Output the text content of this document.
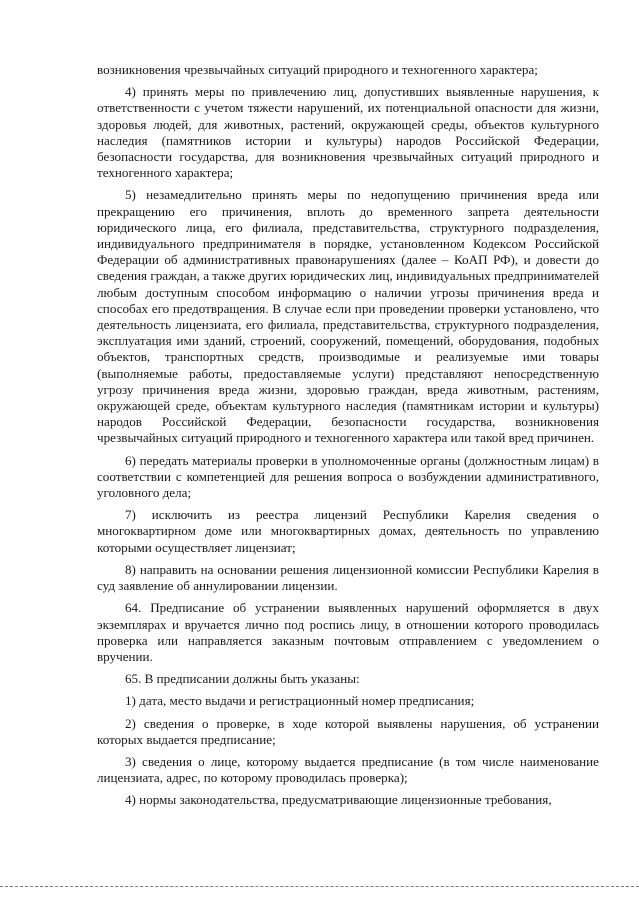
возникновения чрезвычайных ситуаций природного и техногенного характера;

4) принять меры по привлечению лиц, допустивших выявленные нарушения, к ответственности с учетом тяжести нарушений, их потенциальной опасности для жизни, здоровья людей, для животных, растений, окружающей среды, объектов культурного наследия (памятников истории и культуры) народов Российской Федерации, безопасности государства, для возникновения чрезвычайных ситуаций природного и техногенного характера;

5) незамедлительно принять меры по недопущению причинения вреда или прекращению его причинения, вплоть до временного запрета деятельности юридического лица, его филиала, представительства, структурного подразделения, индивидуального предпринимателя в порядке, установленном Кодексом Российской Федерации об административных правонарушениях (далее – КоАП РФ), и довести до сведения граждан, а также других юридических лиц, индивидуальных предпринимателей любым доступным способом информацию о наличии угрозы причинения вреда и способах его предотвращения. В случае если при проведении проверки установлено, что деятельность лицензиата, его филиала, представительства, структурного подразделения, эксплуатация ими зданий, строений, сооружений, помещений, оборудования, подобных объектов, транспортных средств, производимые и реализуемые ими товары (выполняемые работы, предоставляемые услуги) представляют непосредственную угрозу причинения вреда жизни, здоровью граждан, вреда животным, растениям, окружающей среде, объектам культурного наследия (памятникам истории и культуры) народов Российской Федерации, безопасности государства, возникновения чрезвычайных ситуаций природного и техногенного характера или такой вред причинен.

6) передать материалы проверки в уполномоченные органы (должностным лицам) в соответствии с компетенцией для решения вопроса о возбуждении административного, уголовного дела;

7) исключить из реестра лицензий Республики Карелия сведения о многоквартирном доме или многоквартирных домах, деятельность по управлению которыми осуществляет лицензиат;

8) направить на основании решения лицензионной комиссии Республики Карелия в суд заявление об аннулировании лицензии.

64. Предписание об устранении выявленных нарушений оформляется в двух экземплярах и вручается лично под роспись лицу, в отношении которого проводилась проверка или направляется заказным почтовым отправлением с уведомлением о вручении.

65. В предписании должны быть указаны:

1) дата, место выдачи и регистрационный номер предписания;

2) сведения о проверке, в ходе которой выявлены нарушения, об устранении которых выдается предписание;

3) сведения о лице, которому выдается предписание (в том числе наименование лицензиата, адрес, по которому проводилась проверка);

4) нормы законодательства, предусматривающие лицензионные требования,
